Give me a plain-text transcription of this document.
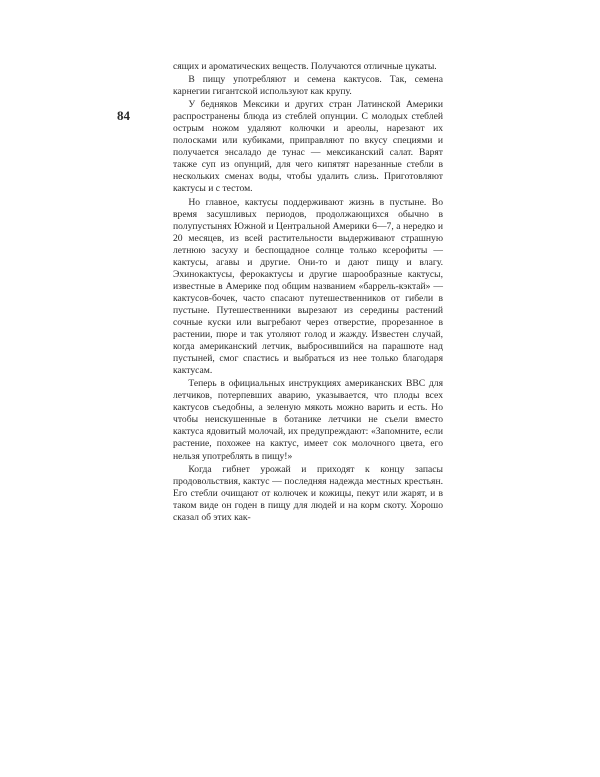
84

сящих и ароматических веществ. Получаются отличные цукаты.

В пищу употребляют и семена кактусов. Так, семена карнегии гигантской используют как крупу.

У бедняков Мексики и других стран Латинской Америки распространены блюда из стеблей опунции. С молодых стеблей острым ножом удаляют колючки и ареолы, нарезают их полосками или кубиками, приправляют по вкусу специями и получается энсаладо де тунас — мексиканский салат. Варят также суп из опунций, для чего кипятят нарезанные стебли в нескольких сменах воды, чтобы удалить слизь. Приготовляют кактусы и с тестом.

Но главное, кактусы поддерживают жизнь в пустыне. Во время засушливых периодов, продолжающихся обычно в полупустынях Южной и Центральной Америки 6—7, а нередко и 20 месяцев, из всей растительности выдерживают страшную летнюю засуху и беспощадное солнце только ксерофиты — кактусы, агавы и другие. Они-то и дают пищу и влагу. Эхинокактусы, ферокактусы и другие шарообразные кактусы, известные в Америке под общим названием «баррель-кэктай» — кактусов-бочек, часто спасают путешественников от гибели в пустыне. Путешественники вырезают из середины растений сочные куски или выгребают через отверстие, прорезанное в растении, пюре и так утоляют голод и жажду. Известен случай, когда американский летчик, выбросившийся на парашюте над пустыней, смог спастись и выбраться из нее только благодаря кактусам.

Теперь в официальных инструкциях американских ВВС для летчиков, потерпевших аварию, указывается, что плоды всех кактусов съедобны, а зеленую мякоть можно варить и есть. Но чтобы неискушенные в ботанике летчики не съели вместо кактуса ядовитый молочай, их предупреждают: «Запомните, если растение, похожее на кактус, имеет сок молочного цвета, его нельзя употреблять в пищу!»

Когда гибнет урожай и приходят к концу запасы продовольствия, кактус — последняя надежда местных крестьян. Его стебли очищают от колючек и кожицы, пекут или жарят, и в таком виде он годен в пищу для людей и на корм скоту. Хорошо сказал об этих как-
